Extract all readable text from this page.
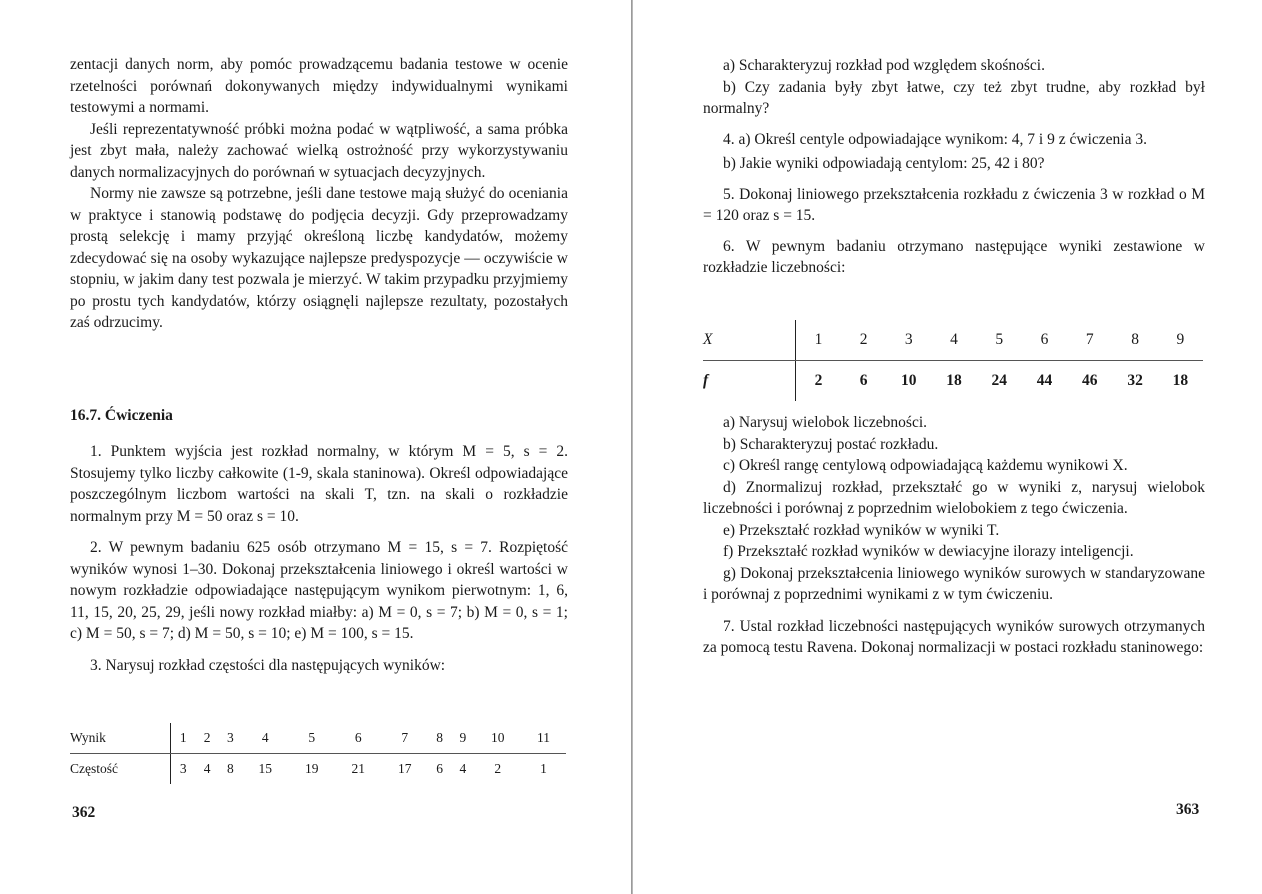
zentacji danych norm, aby pomóc prowadzącemu badania testowe w ocenie rzetelności porównań dokonywanych między indywidualnymi wynikami testowymi a normami.

Jeśli reprezentatywność próbki można podać w wątpliwość, a sama próbka jest zbyt mała, należy zachować wielką ostrożność przy wykorzystywaniu danych normalizacyjnych do porównań w sytuacjach decyzyjnych.

Normy nie zawsze są potrzebne, jeśli dane testowe mają służyć do oceniania w praktyce i stanowią podstawę do podjęcia decyzji. Gdy przeprowadzamy prostą selekcję i mamy przyjąć określoną liczbę kandydatów, możemy zdecydować się na osoby wykazujące najlepsze predyspozycje — oczywiście w stopniu, w jakim dany test pozwala je mierzyć. W takim przypadku przyjmiemy po prostu tych kandydatów, którzy osiągnęli najlepsze rezultaty, pozostałych zaś odrzucimy.

16.7. Ćwiczenia

1. Punktem wyjścia jest rozkład normalny, w którym M = 5, s = 2. Stosujemy tylko liczby całkowite (1-9, skala staninowa). Określ odpowiadające poszczególnym liczbom wartości na skali T, tzn. na skali o rozkładzie normalnym przy M = 50 oraz s = 10.

2. W pewnym badaniu 625 osób otrzymano M = 15, s = 7. Rozpiętość wyników wynosi 1–30. Dokonaj przekształcenia liniowego i określ wartości w nowym rozkładzie odpowiadające następującym wynikom pierwotnym: 1, 6, 11, 15, 20, 25, 29, jeśli nowy rozkład miałby: a) M = 0, s = 7; b) M = 0, s = 1; c) M = 50, s = 7; d) M = 50, s = 10; e) M = 100, s = 15.

3. Narysuj rozkład częstości dla następujących wyników:

Wynik	1	2	3	4	5	6	7	8	9	10	11
Częstość	3	4	8	15	19	21	17	6	4	2	1
362

a) Scharakteryzuj rozkład pod względem skośności.

b) Czy zadania były zbyt łatwe, czy też zbyt trudne, aby rozkład był normalny?

4. a) Określ centyle odpowiadające wynikom: 4, 7 i 9 z ćwiczenia 3.

b) Jakie wyniki odpowiadają centylom: 25, 42 i 80?

5. Dokonaj liniowego przekształcenia rozkładu z ćwiczenia 3 w rozkład o M = 120 oraz s = 15.

6. W pewnym badaniu otrzymano następujące wyniki zestawione w rozkładzie liczebności:

X	1	2	3	4	5	6	7	8	9
f	2	6	10	18	24	44	46	32	18

a) Narysuj wielobok liczebności.

b) Scharakteryzuj postać rozkładu.

c) Określ rangę centylową odpowiadającą każdemu wynikowi X.

d) Znormalizuj rozkład, przekształć go w wyniki z, narysuj wielobok liczebności i porównaj z poprzednim wielobokiem z tego ćwiczenia.

e) Przekształć rozkład wyników w wyniki T.

f) Przekształć rozkład wyników w dewiacyjne ilorazy inteligencji.

g) Dokonaj przekształcenia liniowego wyników surowych w standaryzowane i porównaj z poprzednimi wynikami z w tym ćwiczeniu.

7. Ustal rozkład liczebności następujących wyników surowych otrzymanych za pomocą testu Ravena. Dokonaj normalizacji w postaci rozkładu staninowego:

363
